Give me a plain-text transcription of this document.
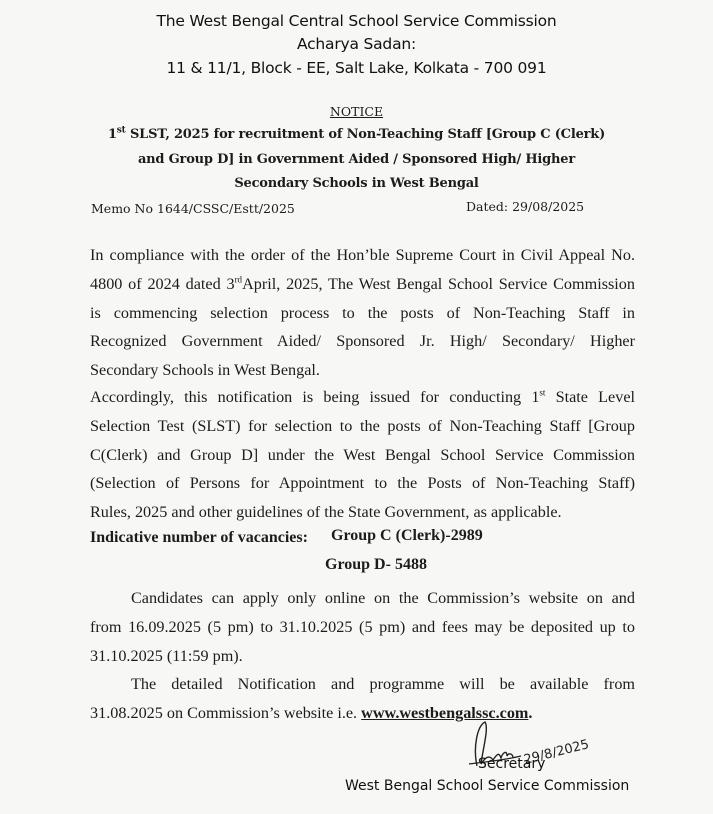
The West Bengal Central School Service Commission
Acharya Sadan:
11 & 11/1, Block - EE, Salt Lake, Kolkata - 700 091
NOTICE
1st SLST, 2025 for recruitment of Non-Teaching Staff [Group C (Clerk)
and Group D] in Government Aided / Sponsored High/ Higher
Secondary Schools in West Bengal
Memo No 1644/CSSC/Estt/2025	Dated: 29/08/2025
In compliance with the order of the Hon’ble Supreme Court in Civil Appeal No.
4800 of 2024 dated 3rdApril, 2025, The West Bengal School Service Commission
is commencing selection process to the posts of Non-Teaching Staff in
Recognized Government Aided/ Sponsored Jr. High/ Secondary/ Higher
Secondary Schools in West Bengal.
Accordingly, this notification is being issued for conducting 1st State Level
Selection Test (SLST) for selection to the posts of Non-Teaching Staff [Group
C(Clerk) and Group D] under the West Bengal School Service Commission
(Selection of Persons for Appointment to the Posts of Non-Teaching Staff)
Rules, 2025 and other guidelines of the State Government, as applicable.
Indicative number of vacancies: Group C (Clerk)-2989
Group D- 5488
Candidates can apply only online on the Commission’s website on and
from 16.09.2025 (5 pm) to 31.10.2025 (5 pm) and fees may be deposited up to
31.10.2025 (11:59 pm).
The detailed Notification and programme will be available from
31.08.2025 on Commission’s website i.e. www.westbengalssc.com.
29/8/2025
Secretary
West Bengal School Service Commission
